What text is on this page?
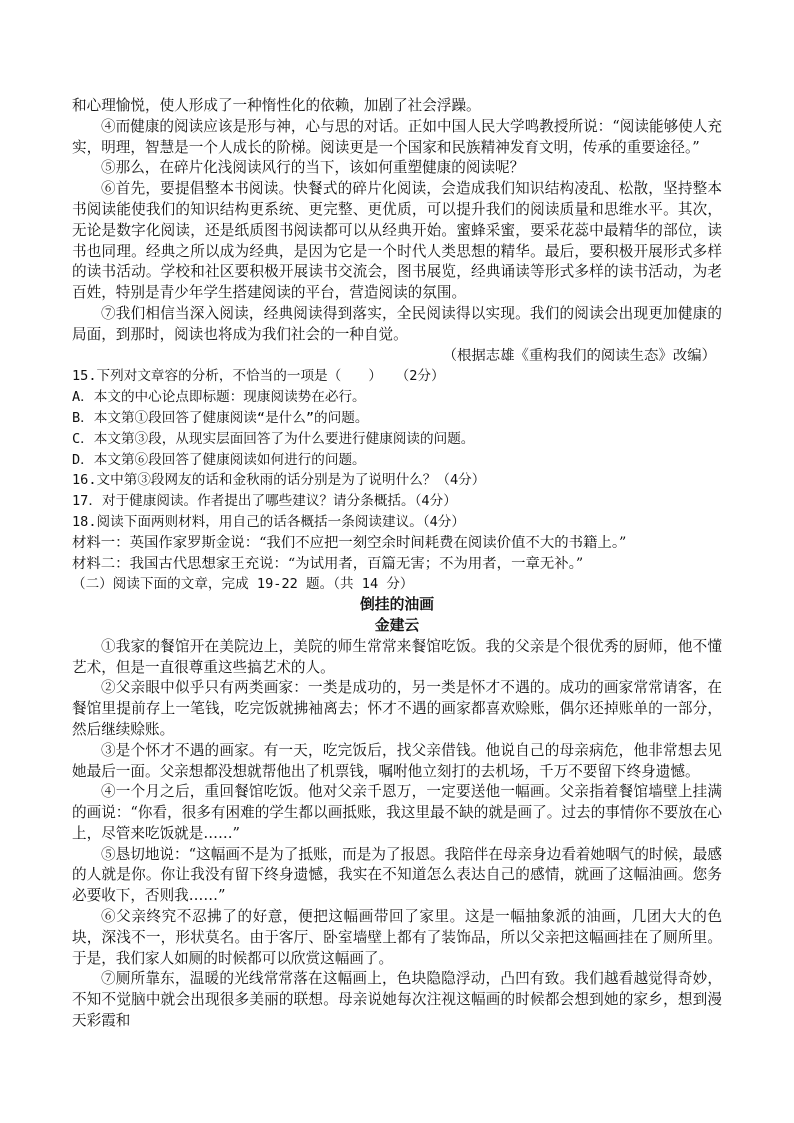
和心理愉悦，使人形成了一种惰性化的依赖，加剧了社会浮躁。

④而健康的阅读应该是形与神，心与思的对话。正如中国人民大学鸣教授所说：“阅读能够使人充实，明理，智慧是一个人成长的阶梯。阅读更是一个国家和民族精神发育文明，传承的重要途径。”

⑤那么，在碎片化浅阅读风行的当下，该如何重塑健康的阅读呢？

⑥首先，要提倡整本书阅读。快餐式的碎片化阅读，会造成我们知识结构凌乱、松散，坚持整本书阅读能使我们的知识结构更系统、更完整、更优质，可以提升我们的阅读质量和思维水平。其次，无论是数字化阅读，还是纸质图书阅读都可以从经典开始。蜜蜂采蜜，要采花蕊中最精华的部位，读书也同理。经典之所以成为经典，是因为它是一个时代人类思想的精华。最后，要积极开展形式多样的读书活动。学校和社区要积极开展读书交流会，图书展览，经典诵读等形式多样的读书活动，为老百姓，特别是青少年学生搭建阅读的平台，营造阅读的氛围。

⑦我们相信当深入阅读，经典阅读得到落实，全民阅读得以实现。我们的阅读会出现更加健康的局面，到那时，阅读也将成为我们社会的一种自觉。

（根据志雄《重构我们的阅读生态》改编）

15.下列对文章容的分析，不恰当的一项是（　　）　　（2分）

A．本文的中心论点即标题：现康阅读势在必行。

B．本文第①段回答了健康阅读“是什么”的问题。

C．本文第③段，从现实层面回答了为什么要进行健康阅读的问题。

D．本文第⑥段回答了健康阅读如何进行的问题。

16.文中第③段网友的话和金秋雨的话分别是为了说明什么？（4分）

17．对于健康阅读。作者提出了哪些建议？请分条概括。（4分）

18.阅读下面两则材料，用自己的话各概括一条阅读建议。（4分）

材料一：英国作家罗斯金说：“我们不应把一刻空余时间耗费在阅读价值不大的书籍上。”

材料二：我国古代思想家王充说：“为试用者，百篇无害；不为用者，一章无补。”

（二）阅读下面的文章，完成 19-22 题。（共 14 分）

倒挂的油画

金建云

①我家的餐馆开在美院边上，美院的师生常常来餐馆吃饭。我的父亲是个很优秀的厨师，他不懂艺术，但是一直很尊重这些搞艺术的人。

②父亲眼中似乎只有两类画家：一类是成功的，另一类是怀才不遇的。成功的画家常常请客，在餐馆里提前存上一笔钱，吃完饭就拂袖离去；怀才不遇的画家都喜欢赊账，偶尔还掉账单的一部分，然后继续赊账。

③是个怀才不遇的画家。有一天，吃完饭后，找父亲借钱。他说自己的母亲病危，他非常想去见她最后一面。父亲想都没想就帮他出了机票钱，嘱咐他立刻打的去机场，千万不要留下终身遗憾。

④一个月之后，重回餐馆吃饭。他对父亲千恩万，一定要送他一幅画。父亲指着餐馆墙壁上挂满的画说：“你看，很多有困难的学生都以画抵账，我这里最不缺的就是画了。过去的事情你不要放在心上，尽管来吃饭就是……”

⑤恳切地说：“这幅画不是为了抵账，而是为了报恩。我陪伴在母亲身边看着她咽气的时候，最感的人就是你。你让我没有留下终身遗憾，我实在不知道怎么表达自己的感情，就画了这幅油画。您务必要收下，否则我……”

⑥父亲终究不忍拂了的好意，便把这幅画带回了家里。这是一幅抽象派的油画，几团大大的色块，深浅不一，形状莫名。由于客厅、卧室墙壁上都有了装饰品，所以父亲把这幅画挂在了厕所里。于是，我们家人如厕的时候都可以欣赏这幅画了。

⑦厕所靠东，温暖的光线常常落在这幅画上，色块隐隐浮动，凸凹有致。我们越看越觉得奇妙，不知不觉脑中就会出现很多美丽的联想。母亲说她每次注视这幅画的时候都会想到她的家乡，想到漫天彩霞和
